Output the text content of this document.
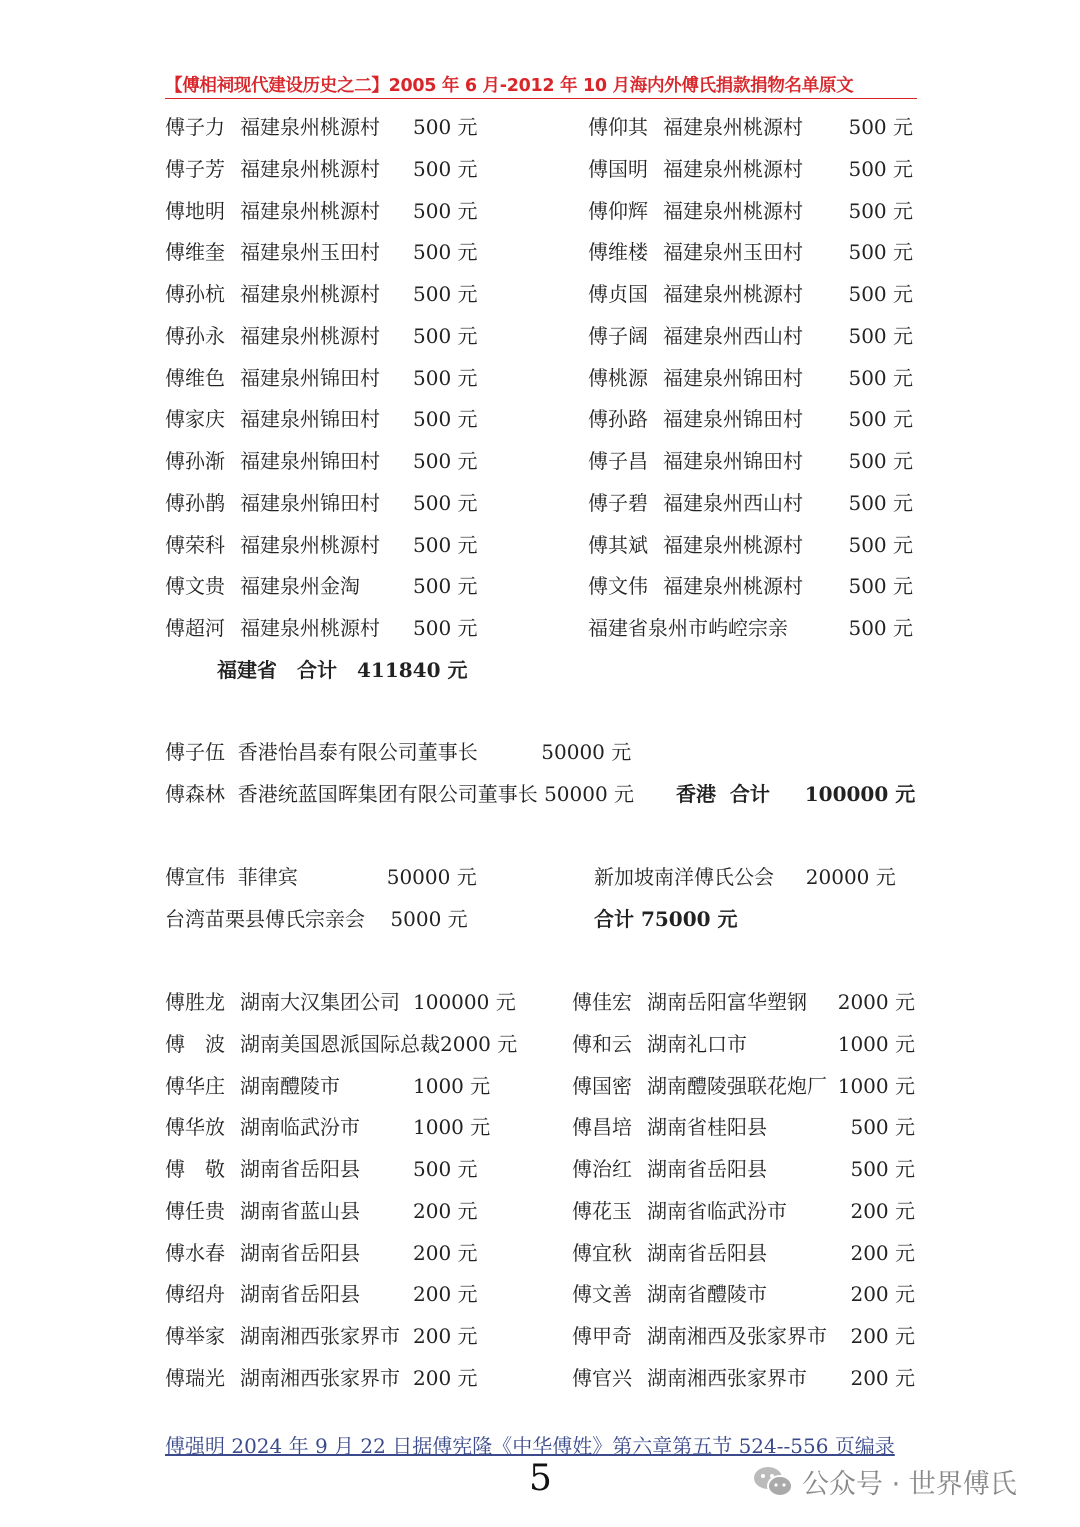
【傅相祠现代建设历史之二】2005 年 6 月-2012 年 10 月海内外傅氏捐款捐物名单原文
傅子力 福建泉州桃源村 500 元	傅仰其 福建泉州桃源村 500 元
傅子芳 福建泉州桃源村 500 元	傅国明 福建泉州桃源村 500 元
傅地明 福建泉州桃源村 500 元	傅仰辉 福建泉州桃源村 500 元
傅维奎 福建泉州玉田村 500 元	傅维楼 福建泉州玉田村 500 元
傅孙杭 福建泉州桃源村 500 元	傅贞国 福建泉州桃源村 500 元
傅孙永 福建泉州桃源村 500 元	傅子阔 福建泉州西山村 500 元
傅维色 福建泉州锦田村 500 元	傅桃源 福建泉州锦田村 500 元
傅家庆 福建泉州锦田村 500 元	傅孙路 福建泉州锦田村 500 元
傅孙渐 福建泉州锦田村 500 元	傅子昌 福建泉州锦田村 500 元
傅孙鹊 福建泉州锦田村 500 元	傅子碧 福建泉州西山村 500 元
傅荣科 福建泉州桃源村 500 元	傅其斌 福建泉州桃源村 500 元
傅文贵 福建泉州金淘	500 元	傅文伟 福建泉州桃源村 500 元
傅超河 福建泉州桃源村 500 元	福建省泉州市屿崆宗亲	500 元
福建省　合计　411840 元
傅子伍  香港怡昌泰有限公司董事长          50000 元
傅森林  香港统蓝国晖集团有限公司董事长 50000 元 香港  合计     100000 元
傅宣伟  菲律宾              50000 元	新加坡南洋傅氏公会     20000 元
台湾苗栗县傅氏宗亲会    5000 元	合计 75000 元
傅胜龙 湖南大汉集团公司 100000 元	傅佳宏 湖南岳阳富华塑钢 2000 元
傅　波 湖南美国恩派国际总裁2000 元	傅和云 湖南礼口市	1000 元
傅华庄 湖南醴陵市	1000 元	傅国密 湖南醴陵强联花炮厂 1000 元
傅华放 湖南临武汾市	1000 元	傅昌培 湖南省桂阳县	500 元
傅　敬 湖南省岳阳县	500 元	傅治红 湖南省岳阳县	500 元
傅任贵 湖南省蓝山县	200 元	傅花玉 湖南省临武汾市	200 元
傅水春 湖南省岳阳县	200 元	傅宜秋 湖南省岳阳县	200 元
傅绍舟 湖南省岳阳县	200 元	傅文善 湖南省醴陵市	200 元
傅举家 湖南湘西张家界市 200 元	傅甲奇 湖南湘西及张家界市 200 元
傅瑞光 湖南湘西张家界市 200 元	傅官兴 湖南湘西张家界市 200 元
傅强明 2024 年 9 月 22 日据傅宪隆《中华傅姓》第六章第五节 524--556 页编录
5	公众号 · 世界傅氏
